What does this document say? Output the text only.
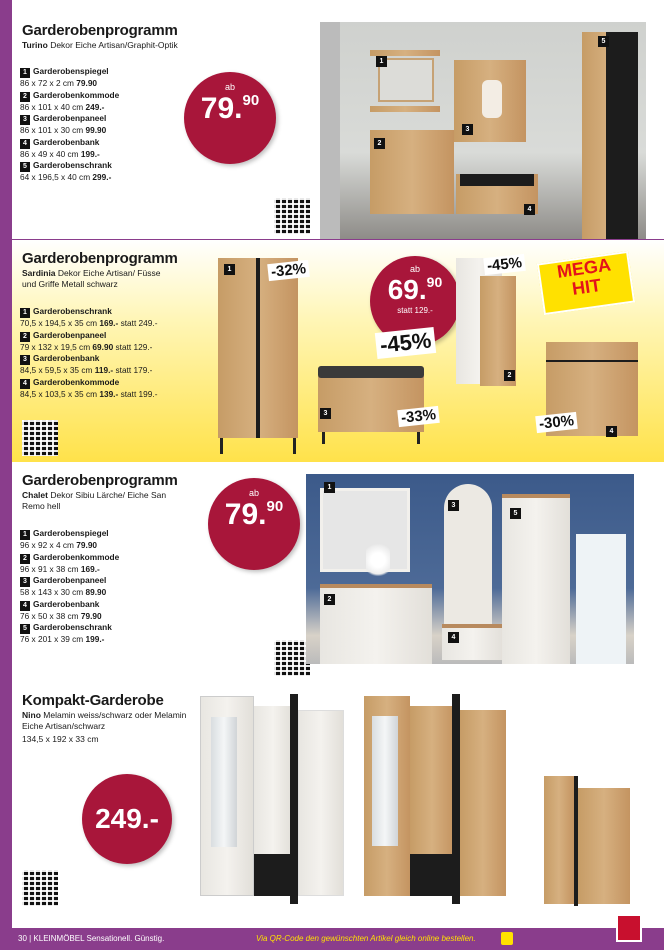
Garderobenprogramm
Turino Dekor Eiche Artisan/Graphit-Optik
1 Garderobenspiegel
86 x 72 x 2 cm 79.90
2 Garderobenkommode
86 x 101 x 40 cm 249.-
3 Garderobenpaneel
86 x 101 x 30 cm 99.90
4 Garderobenbank
86 x 49 x 40 cm 199.-
5 Garderobenschrank
64 x 196,5 x 40 cm 299.-
ab
79.90
1
2
3
4
5
Garderobenprogramm
Sardinia Dekor Eiche Artisan/ Füsse und Griffe Metall schwarz
1 Garderobenschrank
70,5 x 194,5 x 35 cm 169.- statt 249.-
2 Garderobenpaneel
79 x 132 x 19,5 cm 69.90 statt 129.-
3 Garderobenbank
84,5 x 59,5 x 35 cm 119.- statt 179.-
4 Garderobenkommode
84,5 x 103,5 x 35 cm 139.- statt 199.-
1	-32%	ab
69.90
statt 129.-
-45%
2
-45%	MEGA
HIT
3	-33%
4
-30%
Garderobenprogramm
Chalet Dekor Sibiu Lärche/ Eiche San Remo hell
1 Garderobenspiegel
96 x 92 x 4 cm 79.90
2 Garderobenkommode
96 x 91 x 38 cm 169.-
3 Garderobenpaneel
58 x 143 x 30 cm 89.90
4 Garderobenbank
76 x 50 x 38 cm 79.90
5 Garderobenschrank
76 x 201 x 39 cm 199.-
ab
79.90
1
2
3
4
5
Kompakt-Garderobe
Nino Melamin weiss/schwarz oder Melamin Eiche Artisan/schwarz
134,5 x 192 x 33 cm
249.-
30 | KLEINMÖBEL Sensationell. Günstig.	Via QR-Code den gewünschten Artikel gleich online bestellen.
